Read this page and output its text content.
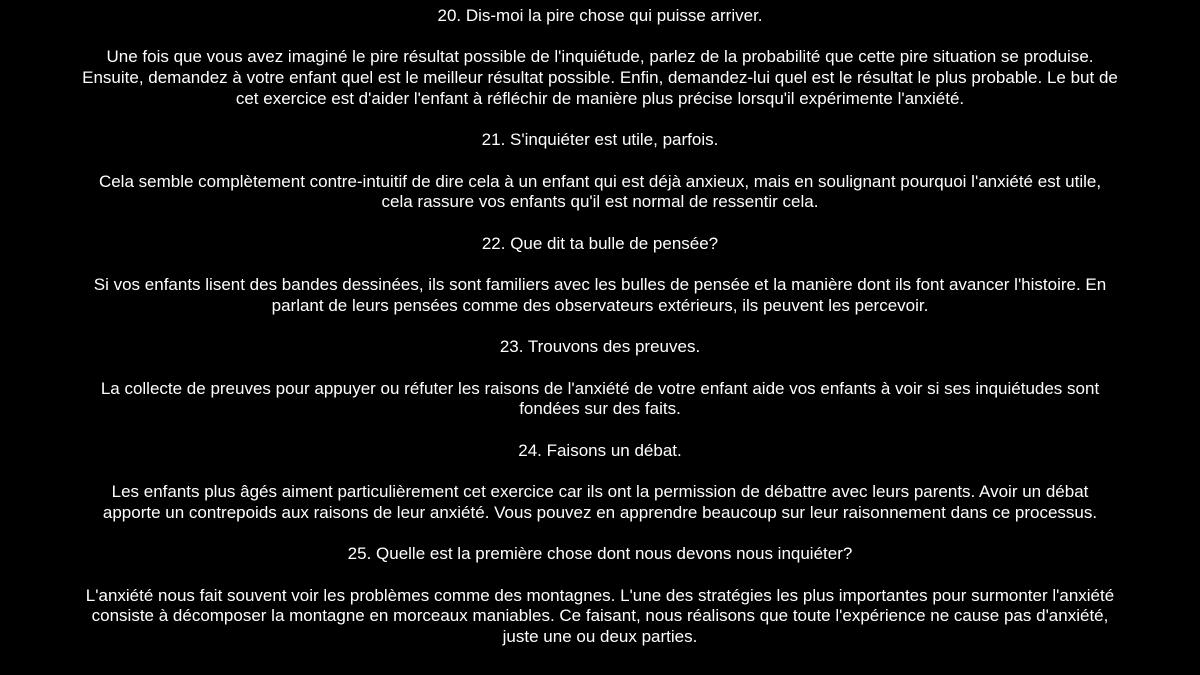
20. Dis-moi la pire chose qui puisse arriver.

Une fois que vous avez imaginé le pire résultat possible de l'inquiétude, parlez de la probabilité que cette pire situation se produise. Ensuite, demandez à votre enfant quel est le meilleur résultat possible. Enfin, demandez-lui quel est le résultat le plus probable. Le but de cet exercice est d'aider l'enfant à réfléchir de manière plus précise lorsqu'il expérimente l'anxiété.

21. S'inquiéter est utile, parfois.

Cela semble complètement contre-intuitif de dire cela à un enfant qui est déjà anxieux, mais en soulignant pourquoi l'anxiété est utile, cela rassure vos enfants qu'il est normal de ressentir cela.

22. Que dit ta bulle de pensée?

Si vos enfants lisent des bandes dessinées, ils sont familiers avec les bulles de pensée et la manière dont ils font avancer l'histoire. En parlant de leurs pensées comme des observateurs extérieurs, ils peuvent les percevoir.

23. Trouvons des preuves.

La collecte de preuves pour appuyer ou réfuter les raisons de l'anxiété de votre enfant aide vos enfants à voir si ses inquiétudes sont fondées sur des faits.

24. Faisons un débat.

Les enfants plus âgés aiment particulièrement cet exercice car ils ont la permission de débattre avec leurs parents. Avoir un débat apporte un contrepoids aux raisons de leur anxiété. Vous pouvez en apprendre beaucoup sur leur raisonnement dans ce processus.

25. Quelle est la première chose dont nous devons nous inquiéter?

L'anxiété nous fait souvent voir les problèmes comme des montagnes. L'une des stratégies les plus importantes pour surmonter l'anxiété consiste à décomposer la montagne en morceaux maniables. Ce faisant, nous réalisons que toute l'expérience ne cause pas d'anxiété, juste une ou deux parties.
